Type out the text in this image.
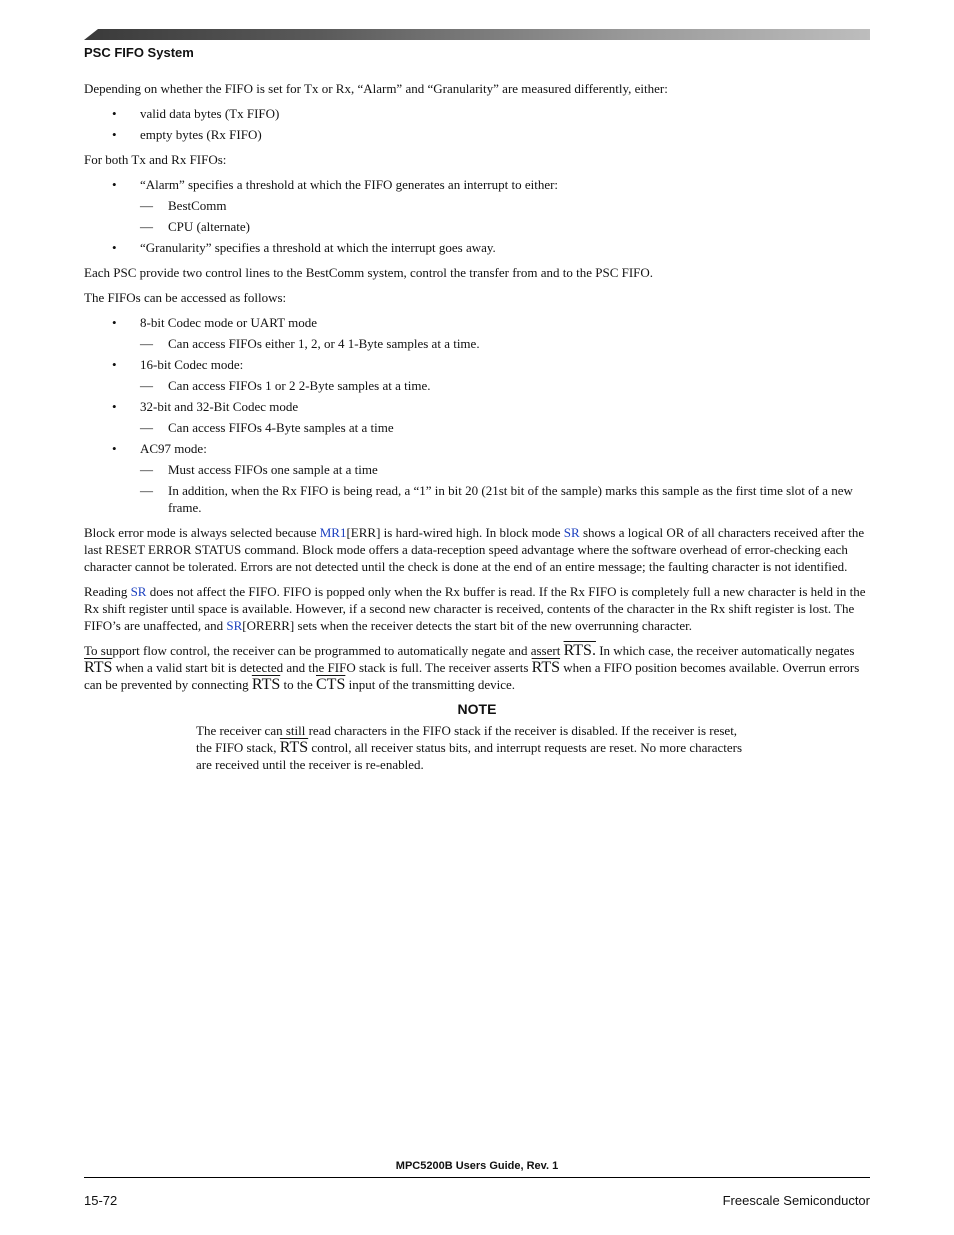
PSC FIFO System

Depending on whether the FIFO is set for Tx or Rx, “Alarm” and “Granularity” are measured differently, either:

• valid data bytes (Tx FIFO)
• empty bytes (Rx FIFO)

For both Tx and Rx FIFOs:

• “Alarm” specifies a threshold at which the FIFO generates an interrupt to either:
— BestComm
— CPU (alternate)
• “Granularity” specifies a threshold at which the interrupt goes away.

Each PSC provide two control lines to the BestComm system, control the transfer from and to the PSC FIFO.

The FIFOs can be accessed as follows:

• 8-bit Codec mode or UART mode
— Can access FIFOs either 1, 2, or 4 1-Byte samples at a time.
• 16-bit Codec mode:
— Can access FIFOs 1 or 2 2-Byte samples at a time.
• 32-bit and 32-Bit Codec mode
— Can access FIFOs 4-Byte samples at a time
• AC97 mode:
— Must access FIFOs one sample at a time
— In addition, when the Rx FIFO is being read, a “1” in bit 20 (21st bit of the sample) marks this sample as the first time slot of a new frame.

Block error mode is always selected because MR1[ERR] is hard-wired high. In block mode SR shows a logical OR of all characters received after the last RESET ERROR STATUS command. Block mode offers a data-reception speed advantage where the software overhead of error-checking each character cannot be tolerated. Errors are not detected until the check is done at the end of an entire message; the faulting character is not identified.

Reading SR does not affect the FIFO. FIFO is popped only when the Rx buffer is read. If the Rx FIFO is completely full a new character is held in the Rx shift register until space is available. However, if a second new character is received, contents of the character in the Rx shift register is lost. The FIFO’s are unaffected, and SR[ORERR] sets when the receiver detects the start bit of the new overrunning character.

To support flow control, the receiver can be programmed to automatically negate and assert RTS. In which case, the receiver automatically negates $\overline{RTS}$ when a valid start bit is detected and the FIFO stack is full. The receiver asserts $\overline{RTS}$ when a FIFO position becomes available. Overrun errors can be prevented by connecting $\overline{RTS}$ to the $\overline{CTS}$ input of the transmitting device.

NOTE
The receiver can still read characters in the FIFO stack if the receiver is disabled. If the receiver is reset, the FIFO stack, $\overline{RTS}$ control, all receiver status bits, and interrupt requests are reset. No more characters are received until the receiver is re-enabled.
MPC5200B Users Guide, Rev. 1
15-72	Freescale Semiconductor
